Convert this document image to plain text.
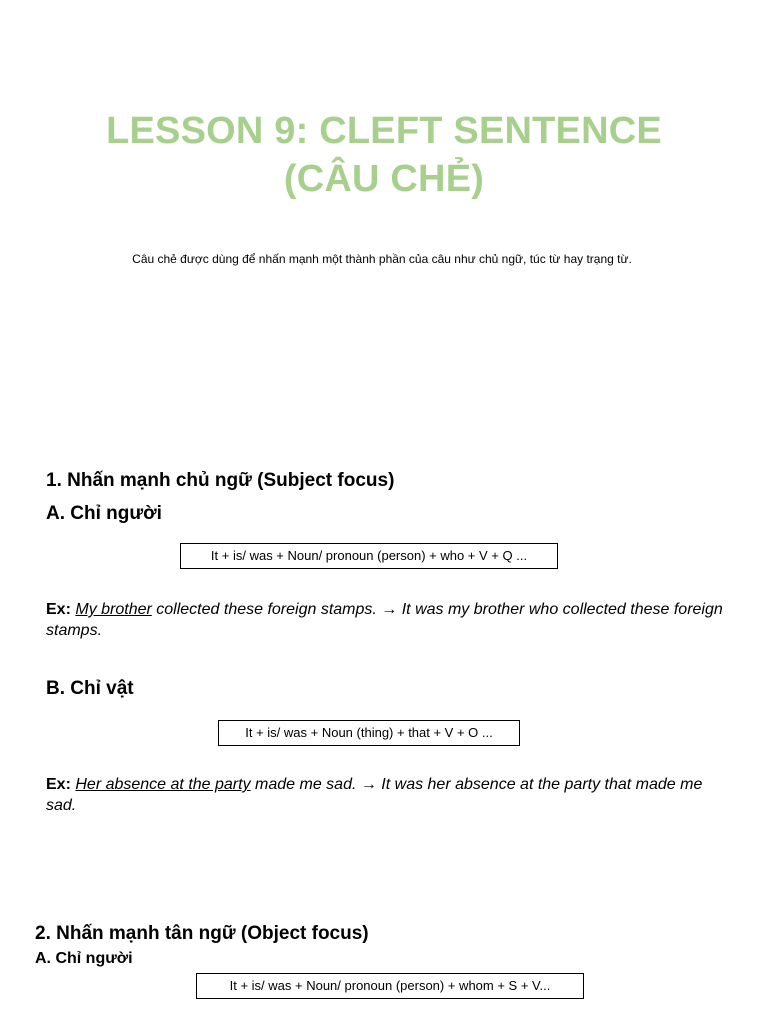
LESSON 9: CLEFT SENTENCE
(CÂU CHẺ)
Câu chẻ được dùng để nhấn mạnh một thành phần của câu như chủ ngữ, túc từ hay trạng từ.
1. Nhấn mạnh chủ ngữ (Subject focus)
A. Chỉ người
It + is/ was + Noun/ pronoun (person) + who + V + Q ...
Ex: My brother collected these foreign stamps. → It was my brother who collected these foreign stamps.
B. Chỉ vật
It + is/ was + Noun (thing) + that + V + O ...
Ex: Her absence at the party made me sad. → It was her absence at the party that made me sad.
2. Nhấn mạnh tân ngữ (Object focus)
A. Chỉ người
It + is/ was + Noun/ pronoun (person) + whom + S + V...
